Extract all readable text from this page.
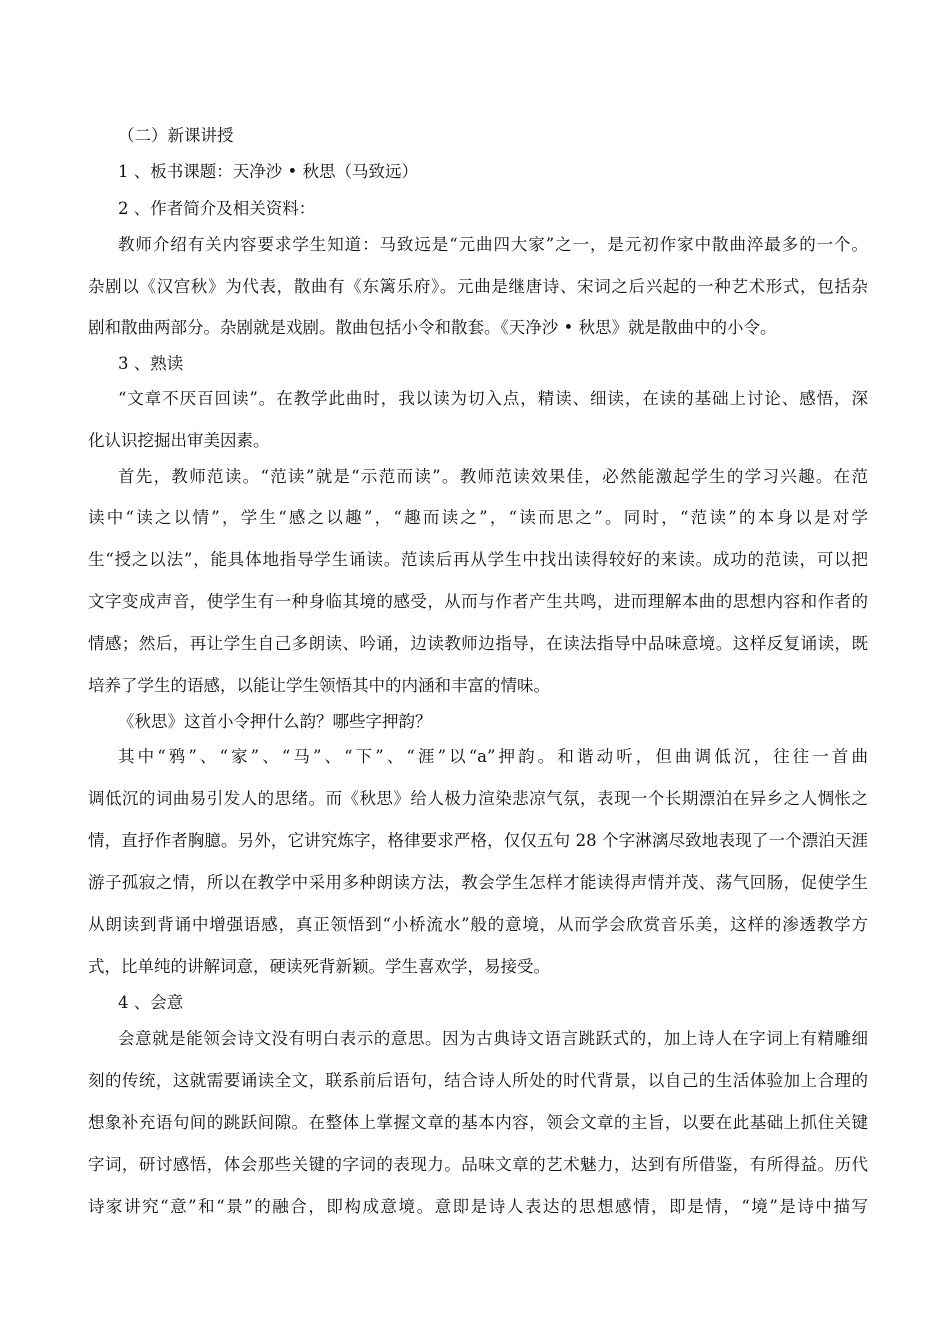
（二）新课讲授
1 、板书课题：天净沙 • 秋思（马致远）
2 、作者简介及相关资料：
教师介绍有关内容要求学生知道：马致远是“元曲四大家”之一，是元初作家中散曲淬最多的一个。
杂剧以《汉宫秋》为代表，散曲有《东篱乐府》。元曲是继唐诗、宋词之后兴起的一种艺术形式，包括杂
剧和散曲两部分。杂剧就是戏剧。散曲包括小令和散套。《天净沙 • 秋思》就是散曲中的小令。
3 、熟读
“文章不厌百回读”。在教学此曲时，我以读为切入点，精读、细读，在读的基础上讨论、感悟，深
化认识挖掘出审美因素。
首先，教师范读。“范读”就是“示范而读”。教师范读效果佳，必然能激起学生的学习兴趣。在范
读中“读之以情”，学生“感之以趣”，“趣而读之”，“读而思之”。同时，“范读”的本身以是对学
生“授之以法”，能具体地指导学生诵读。范读后再从学生中找出读得较好的来读。成功的范读，可以把
文字变成声音，使学生有一种身临其境的感受，从而与作者产生共鸣，进而理解本曲的思想内容和作者的
情感；然后，再让学生自己多朗读、吟诵，边读教师边指导，在读法指导中品味意境。这样反复诵读，既
培养了学生的语感，以能让学生领悟其中的内涵和丰富的情味。
《秋思》这首小令押什么韵？哪些字押韵？
其中“鸦”、“家”、“马”、“下”、“涯”以“a”押韵。和谐动听，但曲调低沉，往往一首曲
调低沉的词曲易引发人的思绪。而《秋思》给人极力渲染悲凉气氛，表现一个长期漂泊在异乡之人惆怅之
情，直抒作者胸臆。另外，它讲究炼字，格律要求严格，仅仅五句 28 个字淋漓尽致地表现了一个漂泊天涯
游子孤寂之情，所以在教学中采用多种朗读方法，教会学生怎样才能读得声情并茂、荡气回肠，促使学生
从朗读到背诵中增强语感，真正领悟到“小桥流水”般的意境，从而学会欣赏音乐美，这样的渗透教学方
式，比单纯的讲解词意，硬读死背新颖。学生喜欢学，易接受。
4 、会意
会意就是能领会诗文没有明白表示的意思。因为古典诗文语言跳跃式的，加上诗人在字词上有精雕细
刻的传统，这就需要诵读全文，联系前后语句，结合诗人所处的时代背景，以自己的生活体验加上合理的
想象补充语句间的跳跃间隙。在整体上掌握文章的基本内容，领会文章的主旨，以要在此基础上抓住关键
字词，研讨感悟，体会那些关键的字词的表现力。品味文章的艺术魅力，达到有所借鉴，有所得益。历代
诗家讲究“意”和“景”的融合，即构成意境。意即是诗人表达的思想感情，即是情，“境”是诗中描写
